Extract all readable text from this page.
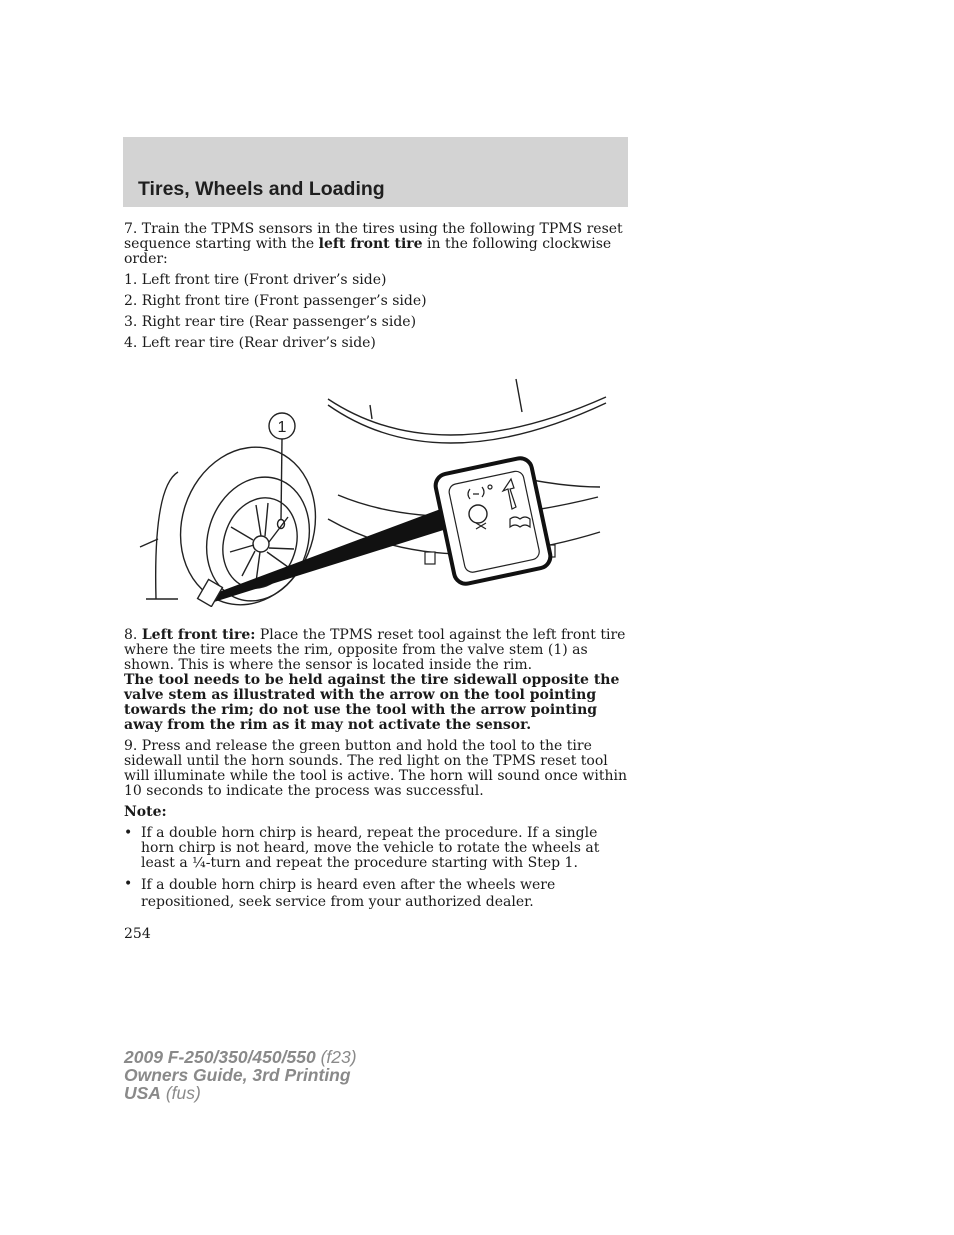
Tires, Wheels and Loading

7. Train the TPMS sensors in the tires using the following TPMS reset sequence starting with the left front tire in the following clockwise order:

1. Left front tire (Front driver’s side)

2. Right front tire (Front passenger’s side)

3. Right rear tire (Rear passenger’s side)

4. Left rear tire (Rear driver’s side)

1

8. Left front tire: Place the TPMS reset tool against the left front tire where the tire meets the rim, opposite from the valve stem (1) as shown. This is where the sensor is located inside the rim.

The tool needs to be held against the tire sidewall opposite the valve stem as illustrated with the arrow on the tool pointing towards the rim; do not use the tool with the arrow pointing away from the rim as it may not activate the sensor.

9. Press and release the green button and hold the tool to the tire sidewall until the horn sounds. The red light on the TPMS reset tool will illuminate while the tool is active. The horn will sound once within 10 seconds to indicate the process was successful.

Note:

• If a double horn chirp is heard, repeat the procedure. If a single horn chirp is not heard, move the vehicle to rotate the wheels at least a ¼-turn and repeat the procedure starting with Step 1.
• If a double horn chirp is heard even after the wheels were repositioned, seek service from your authorized dealer.
254
2009 F-250/350/450/550 (f23)
Owners Guide, 3rd Printing
USA (fus)
